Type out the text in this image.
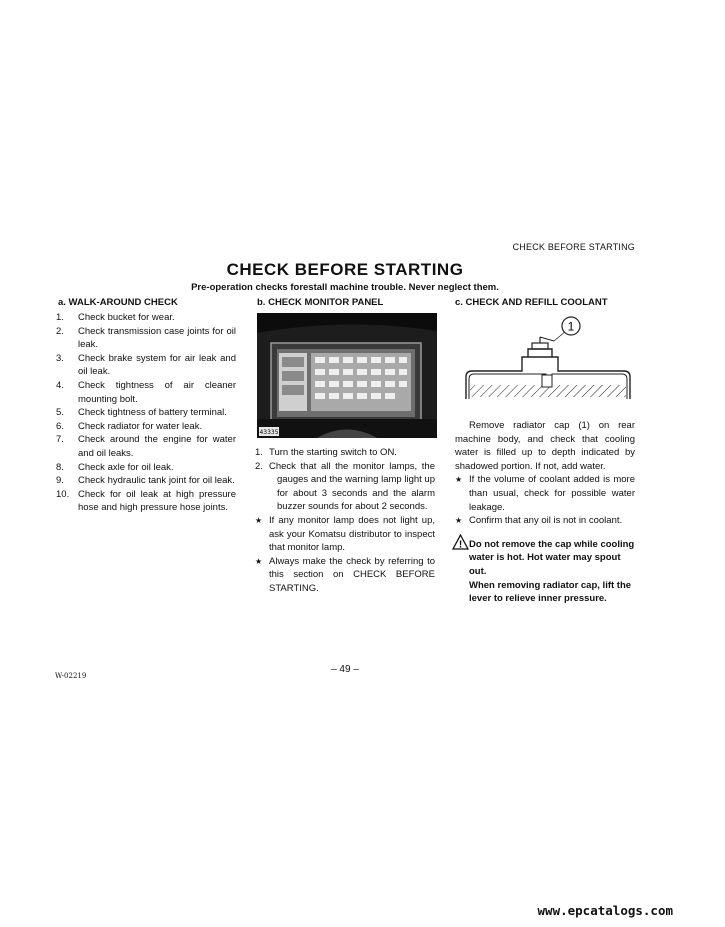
CHECK BEFORE STARTING
CHECK BEFORE STARTING
Pre-operation checks forestall machine trouble. Never neglect them.
a. WALK-AROUND CHECK
1.	Check bucket for wear.
2.	Check transmission case joints for oil leak.
3.	Check brake system for air leak and oil leak.
4.	Check tightness of air cleaner mounting bolt.
5.	Check tightness of battery terminal.
6.	Check radiator for water leak.
7.	Check around the engine for water and oil leaks.
8.	Check axle for oil leak.
9.	Check hydraulic tank joint for oil leak.
10. Check for oil leak at high pressure hose and high pressure hose joints.
b. CHECK MONITOR PANEL
43335
1. Turn the starting switch to ON.
2. Check that all the monitor lamps, the gauges and the warning lamp light up for about 3 seconds and the alarm buzzer sounds for about 2 seconds.
★ If any monitor lamp does not light up, ask your Komatsu distributor to inspect that monitor lamp.
★ Always make the check by referring to this section on CHECK BEFORE STARTING.
c. CHECK AND REFILL COOLANT
1
Remove radiator cap (1) on rear machine body, and check that cooling water is filled up to depth indicated by shadowed portion. If not, add water.
★ If the volume of coolant added is more than usual, check for possible water leakage.
★ Confirm that any oil is not in coolant.
! Do not remove the cap while cooling water is hot. Hot water may spout out.
When removing radiator cap, lift the lever to relieve inner pressure.
– 49 –
W-02219
www.epcatalogs.com
